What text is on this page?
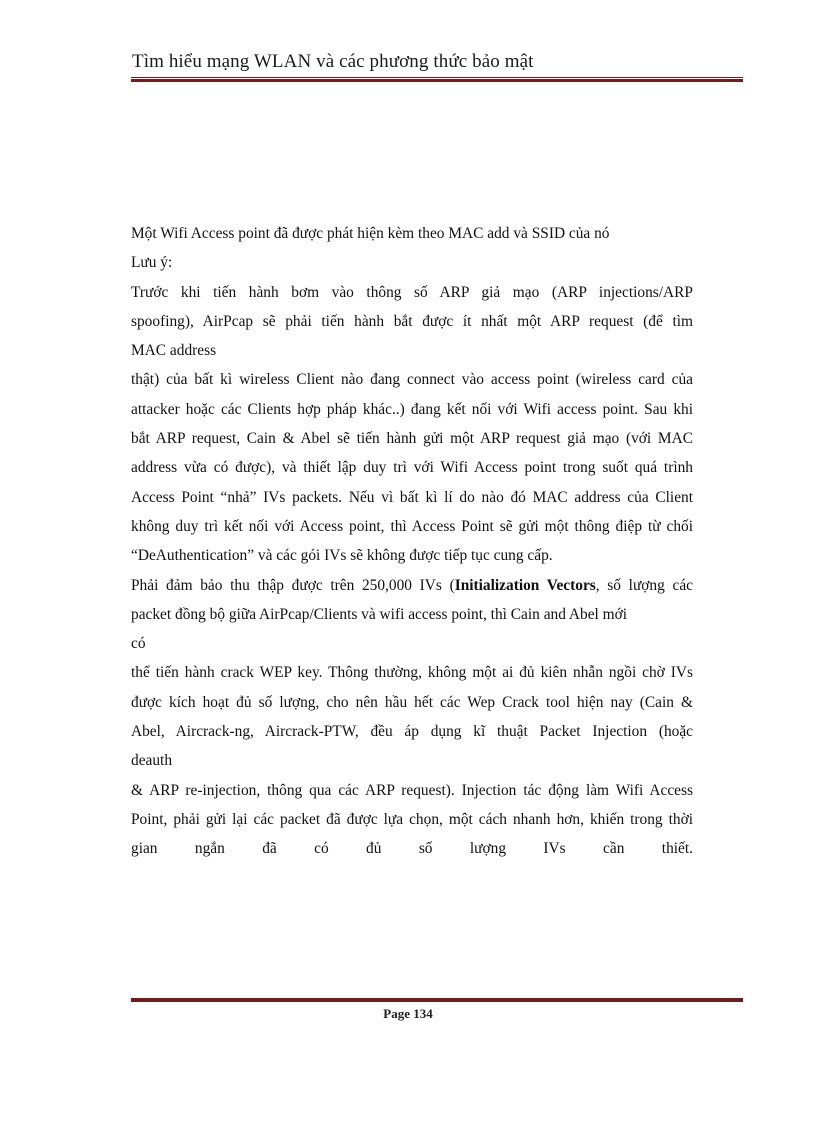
Tìm hiểu mạng WLAN và các phương thức bảo mật
Một Wifi Access point đã được phát hiện kèm theo MAC add và SSID của nó
Lưu ý:
Trước khi tiến hành bơm vào thông số ARP giả mạo (ARP injections/ARP
spoofing), AirPcap sẽ phải tiến hành bắt được ít nhất một ARP request (để tìm
MAC address
thật) của bất kì wireless Client nào đang connect vào access point (wireless card của
attacker hoặc các Clients hợp pháp khác..) đang kết nối với Wifi access point. Sau khi
bắt ARP request, Cain & Abel sẽ tiến hành gửi một ARP request giả mạo (với MAC
address vừa có được), và thiết lập duy trì với Wifi Access point trong suốt quá trình
Access Point “nhả” IVs packets. Nếu vì bất kì lí do nào đó MAC address của Client
không duy trì kết nối với Access point, thì Access Point sẽ gửi một thông điệp từ chối
“DeAuthentication” và các gói IVs sẽ không được tiếp tục cung cấp.
Phải đảm bảo thu thập được trên 250,000 IVs (Initialization Vectors, số lượng các
packet đồng bộ giữa AirPcap/Clients và wifi access point, thì Cain and Abel mới
có
thể tiến hành crack WEP key. Thông thường, không một ai đủ kiên nhẫn ngồi chờ IVs
được kích hoạt đủ số lượng, cho nên hầu hết các Wep Crack tool hiện nay (Cain &
Abel, Aircrack-ng, Aircrack-PTW, đều áp dụng kĩ thuật Packet Injection (hoặc
deauth
& ARP re-injection, thông qua các ARP request). Injection tác động làm Wifi Access
Point, phải gửi lại các packet đã được lựa chọn, một cách nhanh hơn, khiến trong thời
gian ngắn đã có đủ số lượng IVs cần thiết.
Page 134
